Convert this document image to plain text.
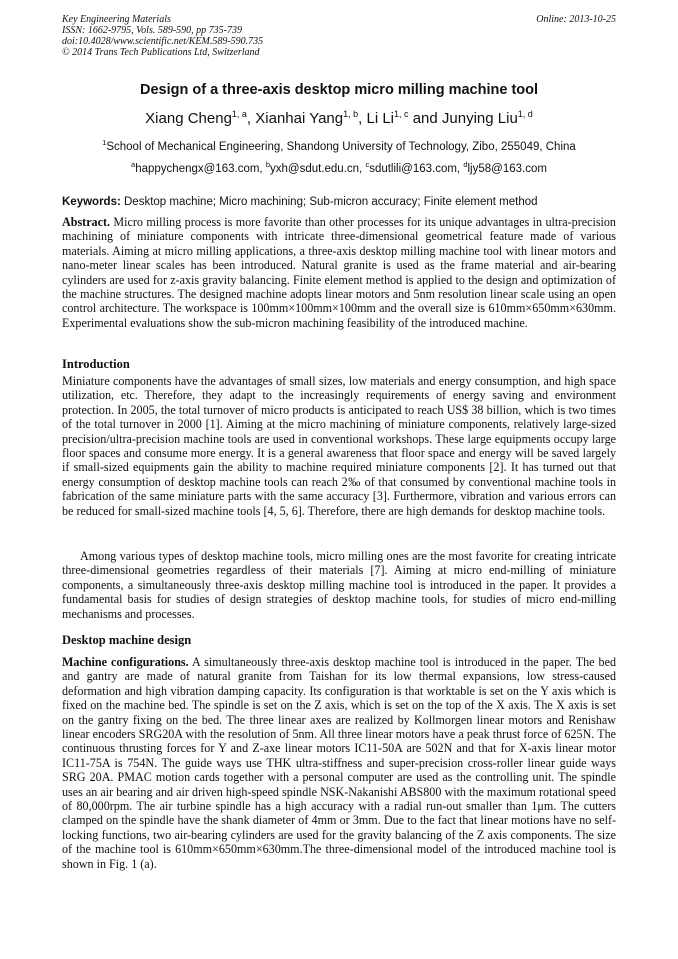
Key Engineering Materials
ISSN: 1662-9795, Vols. 589-590, pp 735-739
doi:10.4028/www.scientific.net/KEM.589-590.735
© 2014 Trans Tech Publications Ltd, Switzerland
Online: 2013-10-25
Design of a three-axis desktop micro milling machine tool
Xiang Cheng$^{1, a}$, Xianhai Yang$^{1, b}$, Li Li$^{1, c}$ and Junying Liu$^{1, d}$
$^1$School of Mechanical Engineering, Shandong University of Technology, Zibo, 255049, China
$^a$happychengx@163.com, $^b$yxh@sdut.edu.cn, $^c$sdutlili@163.com, $^d$ljy58@163.com
Keywords: Desktop machine; Micro machining; Sub-micron accuracy; Finite element method
Abstract. Micro milling process is more favorite than other processes for its unique advantages in ultra-precision machining of miniature components with intricate three-dimensional geometrical feature made of various materials. Aiming at micro milling applications, a three-axis desktop milling machine tool with linear motors and nano-meter linear scales has been introduced. Natural granite is used as the frame material and air-bearing cylinders are used for z-axis gravity balancing. Finite element method is applied to the design and optimization of the machine structures. The designed machine adopts linear motors and 5nm resolution linear scale using an open control architecture. The workspace is 100mm×100mm×100mm and the overall size is 610mm×650mm×630mm. Experimental evaluations show the sub-micron machining feasibility of the introduced machine.
Introduction
Miniature components have the advantages of small sizes, low materials and energy consumption, and high space utilization, etc. Therefore, they adapt to the increasingly requirements of energy saving and environment protection. In 2005, the total turnover of micro products is anticipated to reach US$ 38 billion, which is two times of the total turnover in 2000 [1]. Aiming at the micro machining of miniature components, relatively large-sized precision/ultra-precision machine tools are used in conventional workshops. These large equipments occupy large floor spaces and consume more energy. It is a general awareness that floor space and energy will be saved largely if small-sized equipments gain the ability to machine required miniature components [2]. It has turned out that energy consumption of desktop machine tools can reach 2‰ of that consumed by conventional machine tools in fabrication of the same miniature parts with the same accuracy [3]. Furthermore, vibration and various errors can be reduced for small-sized machine tools [4, 5, 6]. Therefore, there are high demands for desktop machine tools.
Among various types of desktop machine tools, micro milling ones are the most favorite for creating intricate three-dimensional geometries regardless of their materials [7]. Aiming at micro end-milling of miniature components, a simultaneously three-axis desktop milling machine tool is introduced in the paper. It provides a fundamental basis for studies of design strategies of desktop machine tools, for studies of micro end-milling mechanisms and processes.
Desktop machine design
Machine configurations. A simultaneously three-axis desktop machine tool is introduced in the paper. The bed and gantry are made of natural granite from Taishan for its low thermal expansions, low stress-caused deformation and high vibration damping capacity. Its configuration is that worktable is set on the Y axis which is fixed on the machine bed. The spindle is set on the Z axis, which is set on the top of the X axis. The X axis is set on the gantry fixing on the bed. The three linear axes are realized by Kollmorgen linear motors and Renishaw linear encoders SRG20A with the resolution of 5nm. All three linear motors have a peak thrust force of 625N. The continuous thrusting forces for Y and Z-axe linear motors IC11-50A are 502N and that for X-axis linear motor IC11-75A is 754N. The guide ways use THK ultra-stiffness and super-precision cross-roller linear guide ways SRG 20A. PMAC motion cards together with a personal computer are used as the controlling unit. The spindle uses an air bearing and air driven high-speed spindle NSK-Nakanishi ABS800 with the maximum rotational speed of 80,000rpm. The air turbine spindle has a high accuracy with a radial run-out smaller than 1μm. The cutters clamped on the spindle have the shank diameter of 4mm or 3mm. Due to the fact that linear motions have no self-locking functions, two air-bearing cylinders are used for the gravity balancing of the Z axis components. The size of the machine tool is 610mm×650mm×630mm.The three-dimensional model of the introduced machine tool is shown in Fig. 1 (a).
